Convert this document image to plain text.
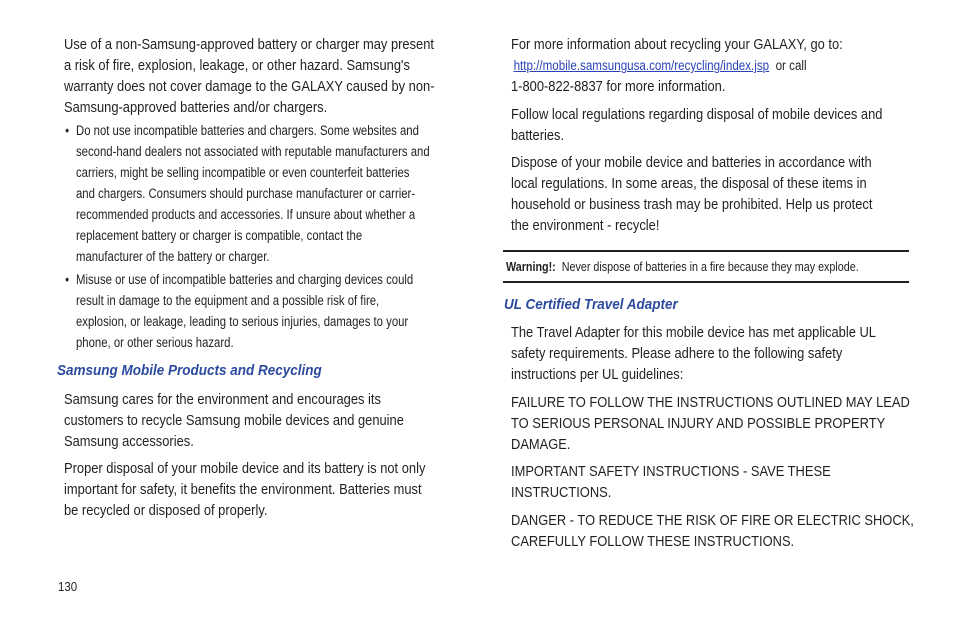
Use of a non-Samsung-approved battery or charger may present
a risk of fire, explosion, leakage, or other hazard. Samsung's
warranty does not cover damage to the GALAXY caused by non-
Samsung-approved batteries and/or chargers.

• Do not use incompatible batteries and chargers. Some websites and
second-hand dealers not associated with reputable manufacturers and
carriers, might be selling incompatible or even counterfeit batteries
and chargers. Consumers should purchase manufacturer or carrier-
recommended products and accessories. If unsure about whether a
replacement battery or charger is compatible, contact the
manufacturer of the battery or charger.
• Misuse or use of incompatible batteries and charging devices could
result in damage to the equipment and a possible risk of fire,
explosion, or leakage, leading to serious injuries, damages to your
phone, or other serious hazard.
Samsung Mobile Products and Recycling

Samsung cares for the environment and encourages its
customers to recycle Samsung mobile devices and genuine
Samsung accessories.

Proper disposal of your mobile device and its battery is not only
important for safety, it benefits the environment. Batteries must
be recycled or disposed of properly.

For more information about recycling your GALAXY, go to:
http://mobile.samsungusa.com/recycling/index.jsp or call
1-800-822-8837 for more information.

Follow local regulations regarding disposal of mobile devices and
batteries.

Dispose of your mobile device and batteries in accordance with
local regulations. In some areas, the disposal of these items in
household or business trash may be prohibited. Help us protect
the environment - recycle!

Warning!: Never dispose of batteries in a fire because they may explode.

UL Certified Travel Adapter

The Travel Adapter for this mobile device has met applicable UL
safety requirements. Please adhere to the following safety
instructions per UL guidelines:

FAILURE TO FOLLOW THE INSTRUCTIONS OUTLINED MAY LEAD
TO SERIOUS PERSONAL INJURY AND POSSIBLE PROPERTY
DAMAGE.

IMPORTANT SAFETY INSTRUCTIONS - SAVE THESE
INSTRUCTIONS.

DANGER - TO REDUCE THE RISK OF FIRE OR ELECTRIC SHOCK,
CAREFULLY FOLLOW THESE INSTRUCTIONS.

130
